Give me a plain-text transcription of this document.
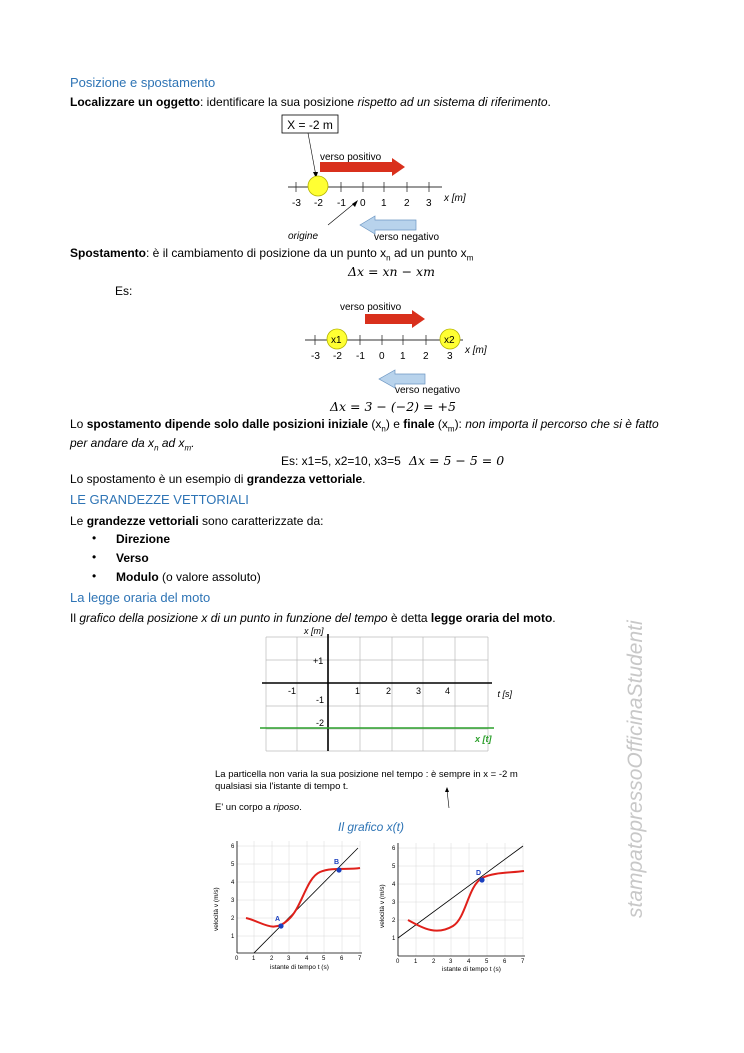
Posizione e spostamento
Localizzare un oggetto: identificare la sua posizione rispetto ad un sistema di riferimento.
X = -2 m
verso positivo
-3 -2 -1 0 1 2 3 x [m]
origine	verso negativo
Spostamento: è il cambiamento di posizione da un punto $x_n$ ad un punto $x_m$
Δx = xn − xm
Es:
verso positivo
x1	x2
-3 -2 -1 0 1 2 3
x [m]
verso negativo
Δx = 3 − (−2) = +5
Lo spostamento dipende solo dalle posizioni iniziale $(x_n)$ e finale $(x_m)$: non importa il percorso che si è fatto
per andare da $x_n$ ad $x_m$.
Es: x1=5, x2=10, x3=5 Δx = 5 − 5 = 0
Lo spostamento è un esempio di grandezza vettoriale.
LE GRANDEZZE VETTORIALI
Le grandezze vettoriali sono caratterizzate da:
• Direzione
• Verso
• Modulo (o valore assoluto)
La legge oraria del moto
Il grafico della posizione x di un punto in funzione del tempo è detta legge oraria del moto.
x [m]
+1
-1
-2
-1	1	2	3	4	t [s]
x [t]
La particella non varia la sua posizione nel tempo : è sempre in x = -2 m
qualsiasi sia l'istante di tempo t.
E' un corpo a riposo.
Il grafico x(t)
A
B
0 1 2 3 4 5 6 7
1
2
3
4
5
6
istante di tempo t (s)
velocità v (m/s)
D
0 1 2 3 4 5 6 7
1
2
3
4
5
6
istante di tempo t (s)
velocità v (m/s)	stampatopressoOfficinaStudenti
